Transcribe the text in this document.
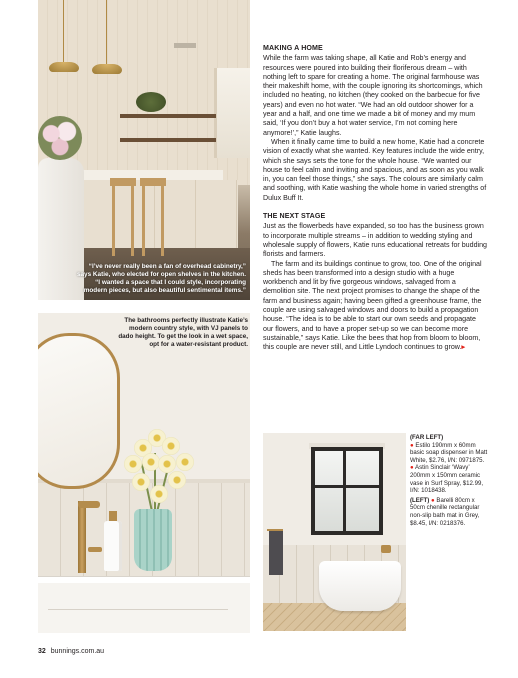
“I’ve never really been a fan of overhead cabinetry,” says Katie, who elected for open shelves in the kitchen. “I wanted a space that I could style, incorporating modern pieces, but also beautiful sentimental items.”
The bathrooms perfectly illustrate Katie’s modern country style, with VJ panels to dado height. To get the look in a wet space, opt for a water-resistant product.
MAKING A HOME

While the farm was taking shape, all Katie and Rob’s energy and resources were poured into building their floriferous dream – with nothing left to spare for creating a home. The original farmhouse was their makeshift home, with the couple ignoring its shortcomings, which included no heating, no kitchen (they cooked on the barbecue for five years) and even no hot water. “We had an old outdoor shower for a year and a half, and one time we made a bit of money and my mum said, ‘If you don’t buy a hot water service, I’m not coming here anymore!’,” Katie laughs.

When it finally came time to build a new home, Katie had a concrete vision of exactly what she wanted. Key features include the wide entry, which she says sets the tone for the whole house. “We wanted our house to feel calm and inviting and spacious, and as soon as you walk in, you can feel those things,” she says. The colours are similarly calm and soothing, with Katie washing the whole home in varied strengths of Dulux Buff It.

THE NEXT STAGE

Just as the flowerbeds have expanded, so too has the business grown to incorporate multiple streams – in addition to wedding styling and wholesale supply of flowers, Katie runs educational retreats for budding florists and farmers.

The farm and its buildings continue to grow, too. One of the original sheds has been transformed into a design studio with a huge workbench and lit by five gorgeous windows, salvaged from a demolition site. The next project promises to change the shape of the farm and business again; having been gifted a greenhouse frame, the couple are using salvaged windows and doors to build a propagation house. “The idea is to be able to start our own seeds and propagate our flowers, and to have a proper set-up so we can become more sustainable,” says Katie. Like the bees that hop from bloom to bloom, this couple are never still, and Little Lyndoch continues to grow.▸

(FAR LEFT)
● Estilo 190mm x 60mm basic soap dispenser in Matt White, $2.76, I/N: 0971875.
● Astin Sinclair ‘Wavy’ 200mm x 150mm ceramic vase in Surf Spray, $12.99, I/N: 1018438.

(LEFT) ● Barelli 80cm x 50cm chenille rectangular non-slip bath mat in Grey, $8.45, I/N: 0218376.

32 bunnings.com.au
